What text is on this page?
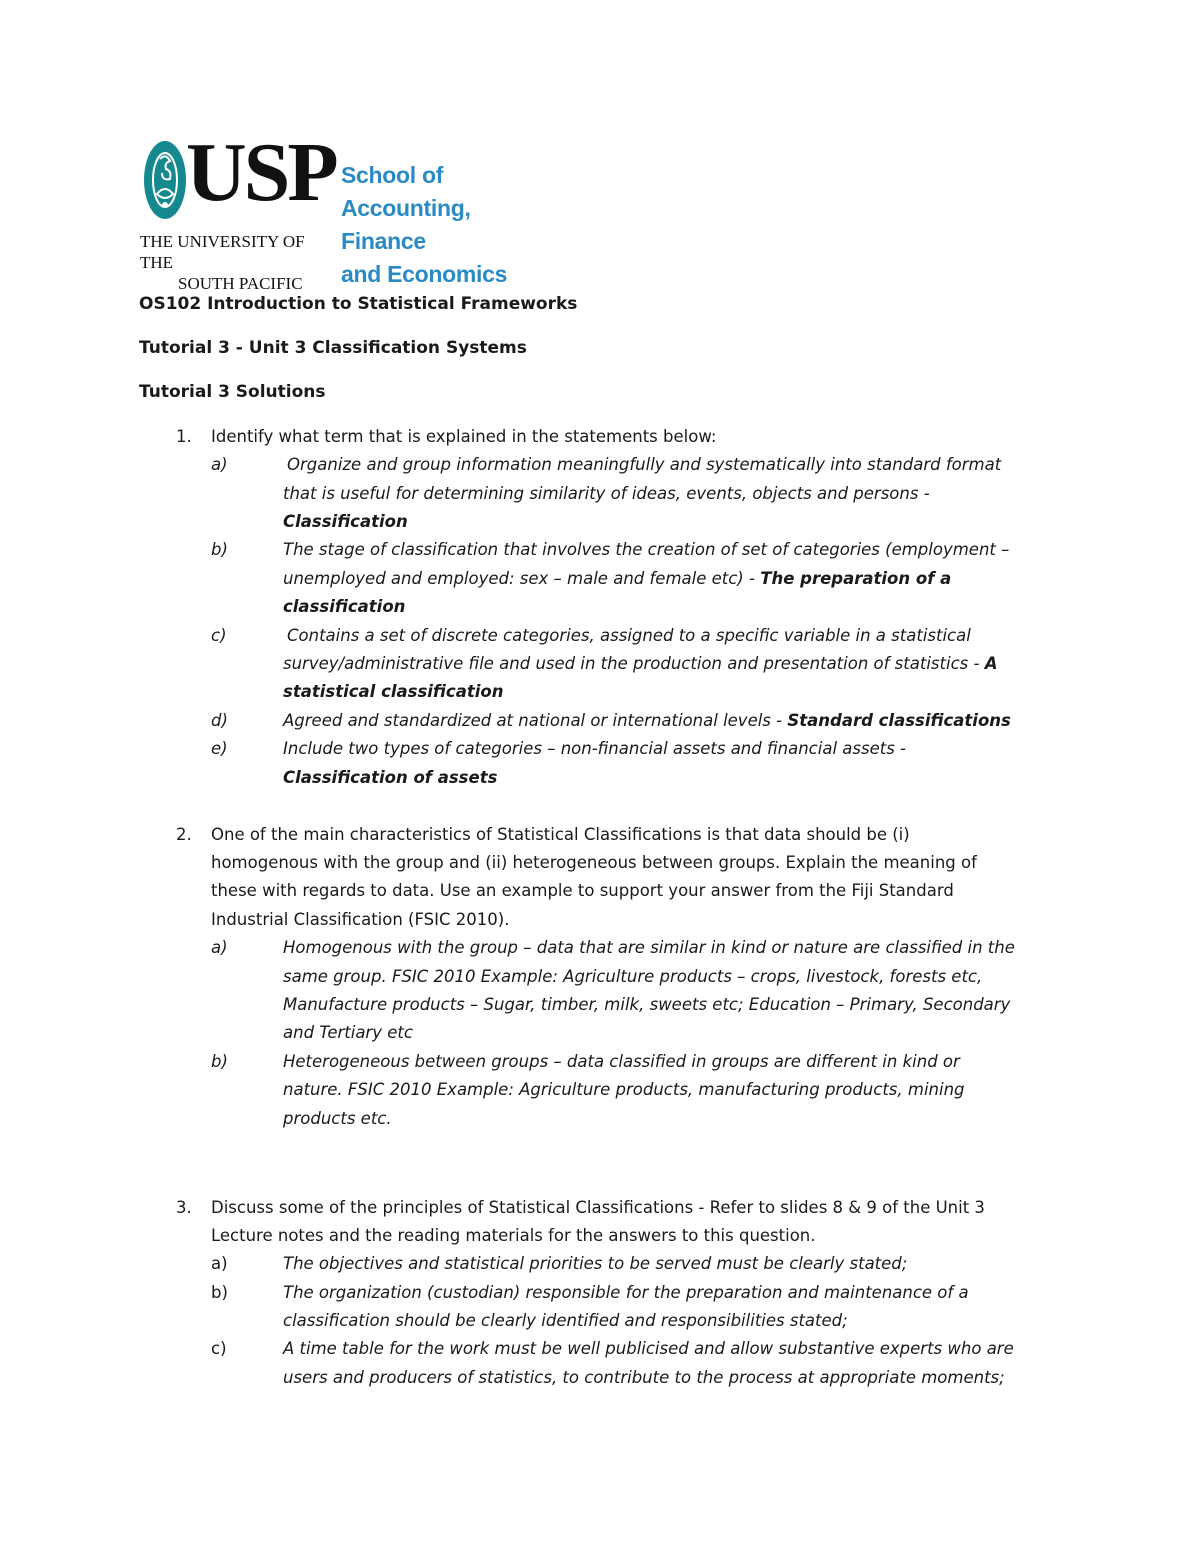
USP
THE UNIVERSITY OF THE
SOUTH PACIFIC
School of
Accounting, Finance
and Economics
OS102 Introduction to Statistical Frameworks
Tutorial 3 - Unit 3 Classification Systems
Tutorial 3 Solutions
1. Identify what term that is explained in the statements below:
a)	Organize and group information meaningfully and systematically into standard format
that is useful for determining similarity of ideas, events, objects and persons -
Classification
b)	The stage of classification that involves the creation of set of categories (employment –
unemployed and employed: sex – male and female etc) - The preparation of a
classification
c)	Contains a set of discrete categories, assigned to a specific variable in a statistical
survey/administrative file and used in the production and presentation of statistics - A
statistical classification
d)	Agreed and standardized at national or international levels - Standard classifications
e)	Include two types of categories – non-financial assets and financial assets -
Classification of assets
2. One of the main characteristics of Statistical Classifications is that data should be (i)
homogenous with the group and (ii) heterogeneous between groups. Explain the meaning of
these with regards to data. Use an example to support your answer from the Fiji Standard
Industrial Classification (FSIC 2010).
a)	Homogenous with the group – data that are similar in kind or nature are classified in the
same group. FSIC 2010 Example: Agriculture products – crops, livestock, forests etc,
Manufacture products – Sugar, timber, milk, sweets etc; Education – Primary, Secondary
and Tertiary etc
b)	Heterogeneous between groups – data classified in groups are different in kind or
nature. FSIC 2010 Example: Agriculture products, manufacturing products, mining
products etc.
3. Discuss some of the principles of Statistical Classifications - Refer to slides 8 & 9 of the Unit 3
Lecture notes and the reading materials for the answers to this question.
a)	The objectives and statistical priorities to be served must be clearly stated;
b)	The organization (custodian) responsible for the preparation and maintenance of a
classification should be clearly identified and responsibilities stated;
c)	A time table for the work must be well publicised and allow substantive experts who are
users and producers of statistics, to contribute to the process at appropriate moments;
